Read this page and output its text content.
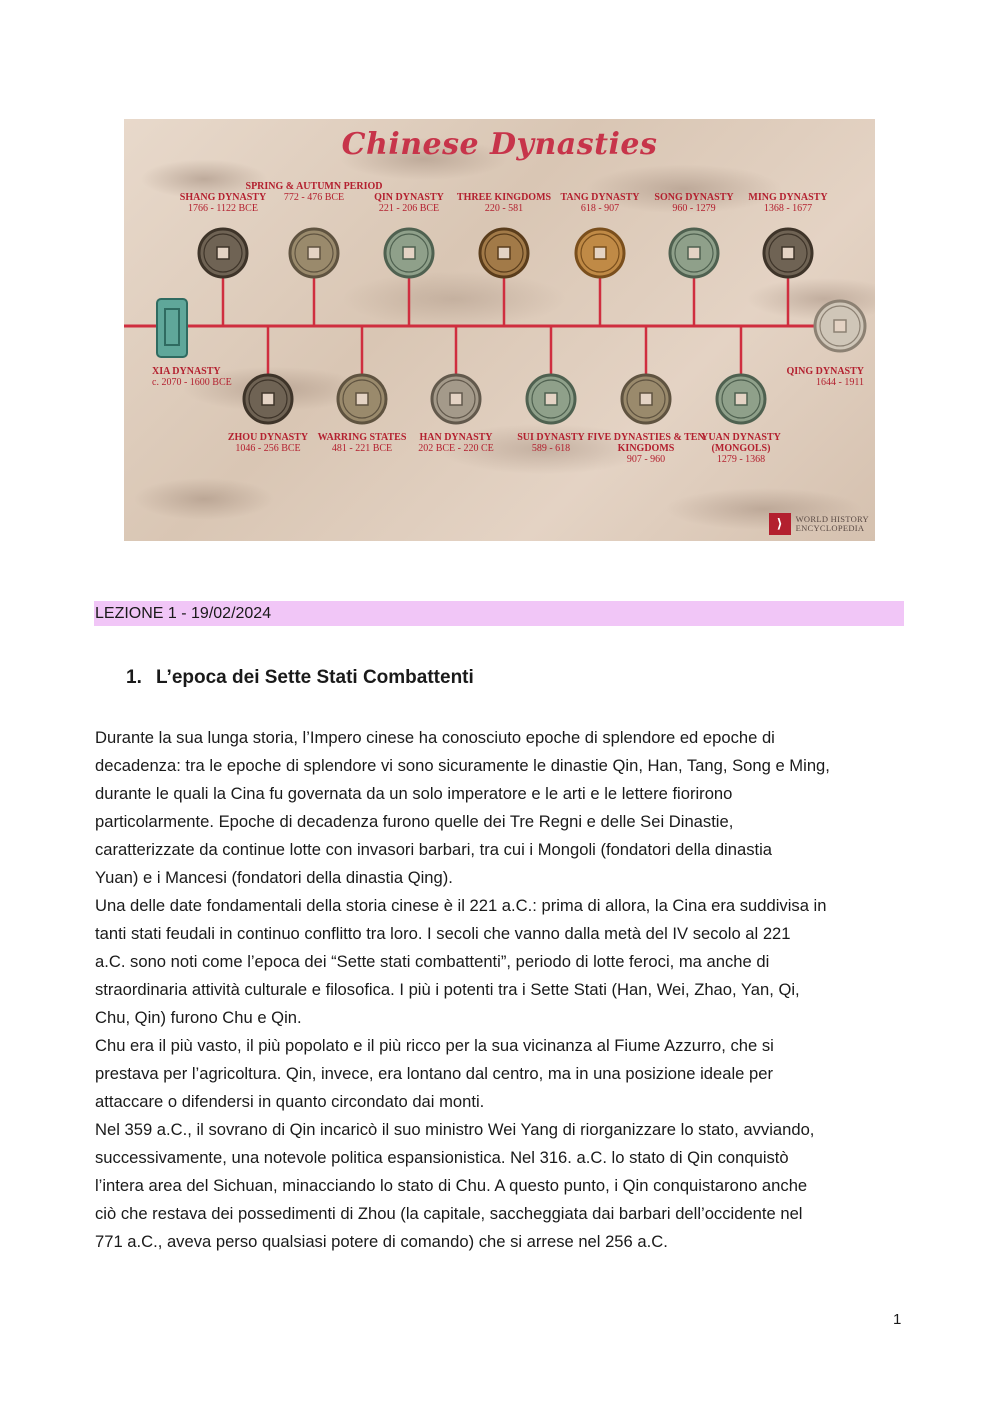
Chinese Dynasties
SHANG DYNASTY
1766 - 1122 BCE
SPRING & AUTUMN PERIOD
772 - 476 BCE	QIN DYNASTY
221 - 206 BCE
THREE KINGDOMS
220 - 581
TANG DYNASTY
618 - 907
SONG DYNASTY
960 - 1279
MING DYNASTY
1368 - 1677
ZHOU DYNASTY
1046 - 256 BCE
WARRING STATES
481 - 221 BCE
HAN DYNASTY
202 BCE - 220 CE
SUI DYNASTY
589 - 618
FIVE DYNASTIES & TEN KINGDOMS
907 - 960
YUAN DYNASTY (MONGOLS)
1279 - 1368
XIA DYNASTY
c. 2070 - 1600 BCE
QING DYNASTY
1644 - 1911
⟩	WORLD HISTORY
ENCYCLOPEDIA
LEZIONE 1 - 19/02/2024
1. L’epoca dei Sette Stati Combattenti
Durante la sua lunga storia, l’Impero cinese ha conosciuto epoche di splendore ed epoche di
decadenza: tra le epoche di splendore vi sono sicuramente le dinastie Qin, Han, Tang, Song e Ming,
durante le quali la Cina fu governata da un solo imperatore e le arti e le lettere fiorirono
particolarmente. Epoche di decadenza furono quelle dei Tre Regni e delle Sei Dinastie,
caratterizzate da continue lotte con invasori barbari, tra cui i Mongoli (fondatori della dinastia
Yuan) e i Mancesi (fondatori della dinastia Qing).
Una delle date fondamentali della storia cinese è il 221 a.C.: prima di allora, la Cina era suddivisa in
tanti stati feudali in continuo conflitto tra loro. I secoli che vanno dalla metà del IV secolo al 221
a.C. sono noti come l’epoca dei “Sette stati combattenti”, periodo di lotte feroci, ma anche di
straordinaria attività culturale e filosofica. I più i potenti tra i Sette Stati (Han, Wei, Zhao, Yan, Qi,
Chu, Qin) furono Chu e Qin.
Chu era il più vasto, il più popolato e il più ricco per la sua vicinanza al Fiume Azzurro, che si
prestava per l’agricoltura. Qin, invece, era lontano dal centro, ma in una posizione ideale per
attaccare o difendersi in quanto circondato dai monti.
Nel 359 a.C., il sovrano di Qin incaricò il suo ministro Wei Yang di riorganizzare lo stato, avviando,
successivamente, una notevole politica espansionistica. Nel 316. a.C. lo stato di Qin conquistò
l’intera area del Sichuan, minacciando lo stato di Chu. A questo punto, i Qin conquistarono anche
ciò che restava dei possedimenti di Zhou (la capitale, saccheggiata dai barbari dell’occidente nel
771 a.C., aveva perso qualsiasi potere di comando) che si arrese nel 256 a.C.
1
